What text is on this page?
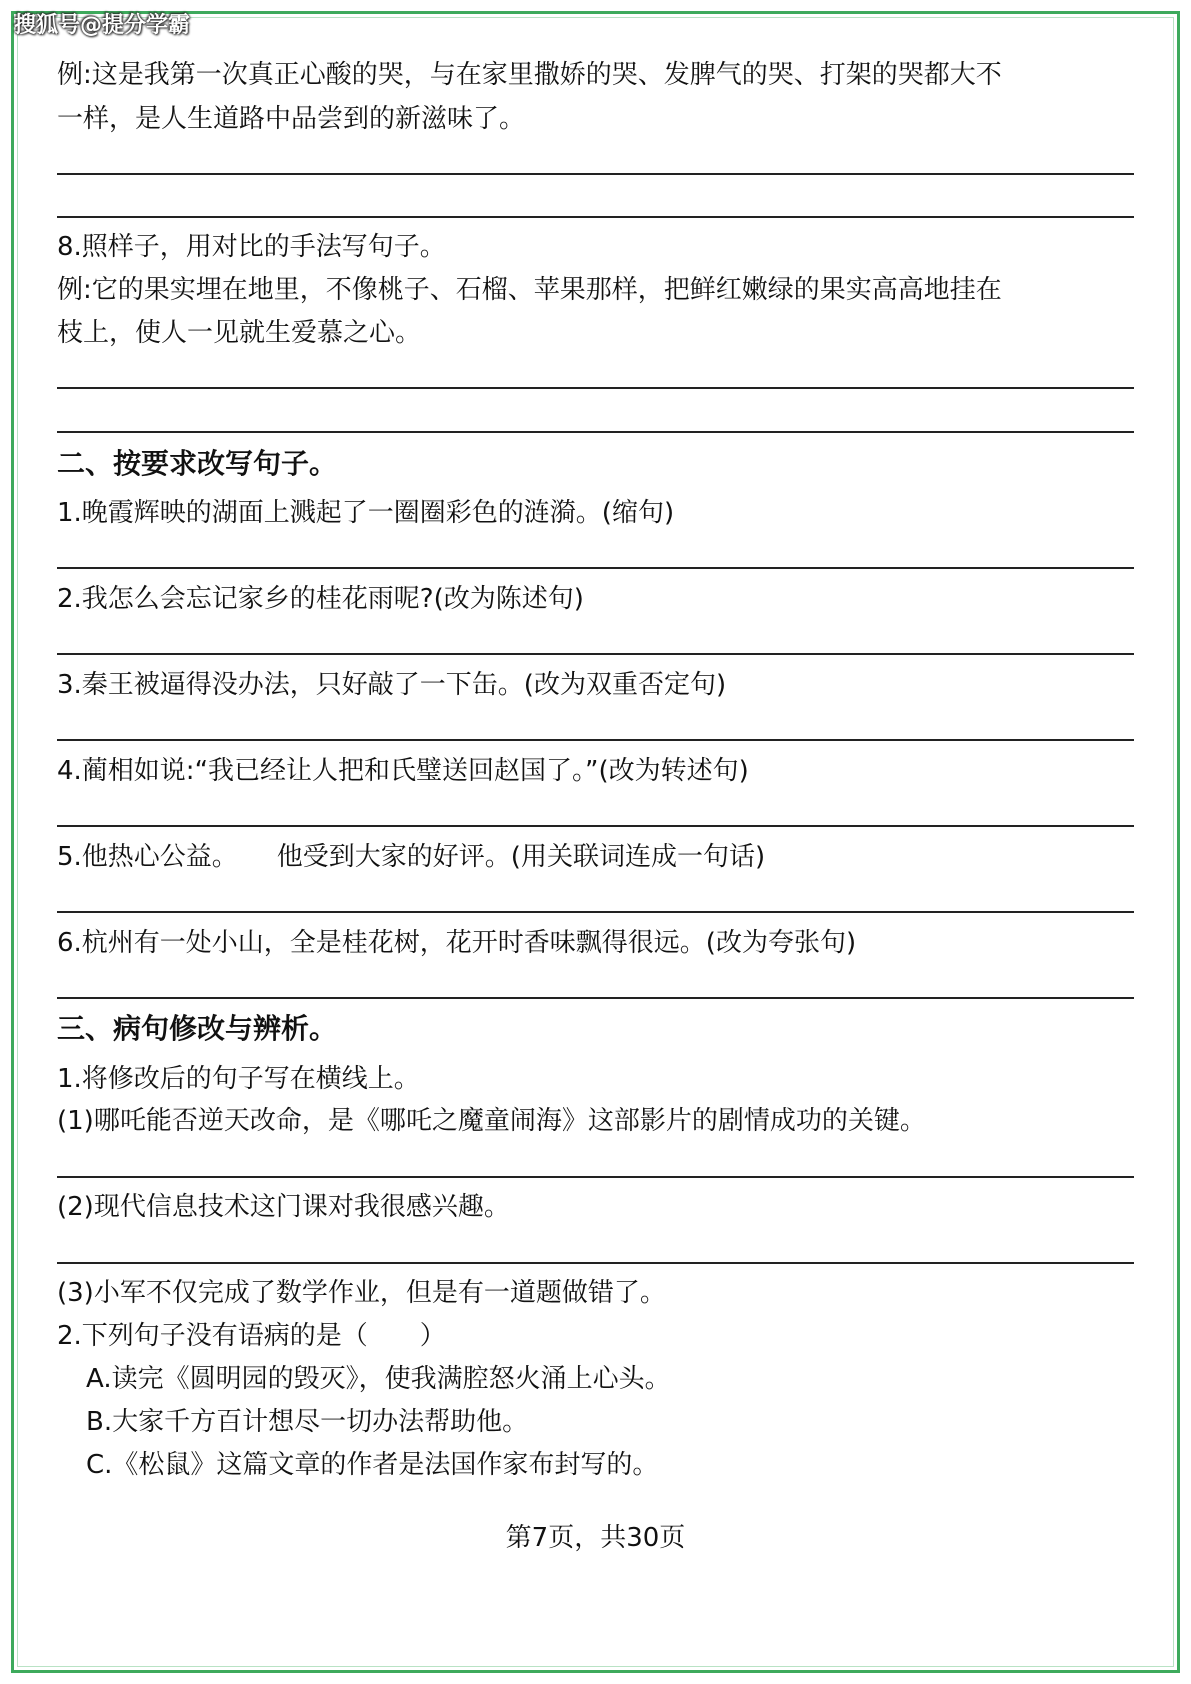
搜狐号@提分学霸
例:这是我第一次真正心酸的哭，与在家里撒娇的哭、发脾气的哭、打架的哭都大不
一样，是人生道路中品尝到的新滋味了。
8.照样子，用对比的手法写句子。
例:它的果实埋在地里，不像桃子、石榴、苹果那样，把鲜红嫩绿的果实高高地挂在
枝上，使人一见就生爱慕之心。
二、按要求改写句子。
1.晚霞辉映的湖面上溅起了一圈圈彩色的涟漪。(缩句)
2.我怎么会忘记家乡的桂花雨呢?(改为陈述句)
3.秦王被逼得没办法，只好敲了一下缶。(改为双重否定句)
4.蔺相如说:“我已经让人把和氏璧送回赵国了。”(改为转述句)
5.他热心公益。　　他受到大家的好评。(用关联词连成一句话)
6.杭州有一处小山，全是桂花树，花开时香味飘得很远。(改为夸张句)
三、病句修改与辨析。
1.将修改后的句子写在横线上。
(1)哪吒能否逆天改命，是《哪吒之魔童闹海》这部影片的剧情成功的关键。
(2)现代信息技术这门课对我很感兴趣。
(3)小军不仅完成了数学作业，但是有一道题做错了。
2.下列句子没有语病的是（　　）
A.读完《圆明园的毁灭》，使我满腔怒火涌上心头。
B.大家千方百计想尽一切办法帮助他。
C.《松鼠》这篇文章的作者是法国作家布封写的。
第7页，共30页
